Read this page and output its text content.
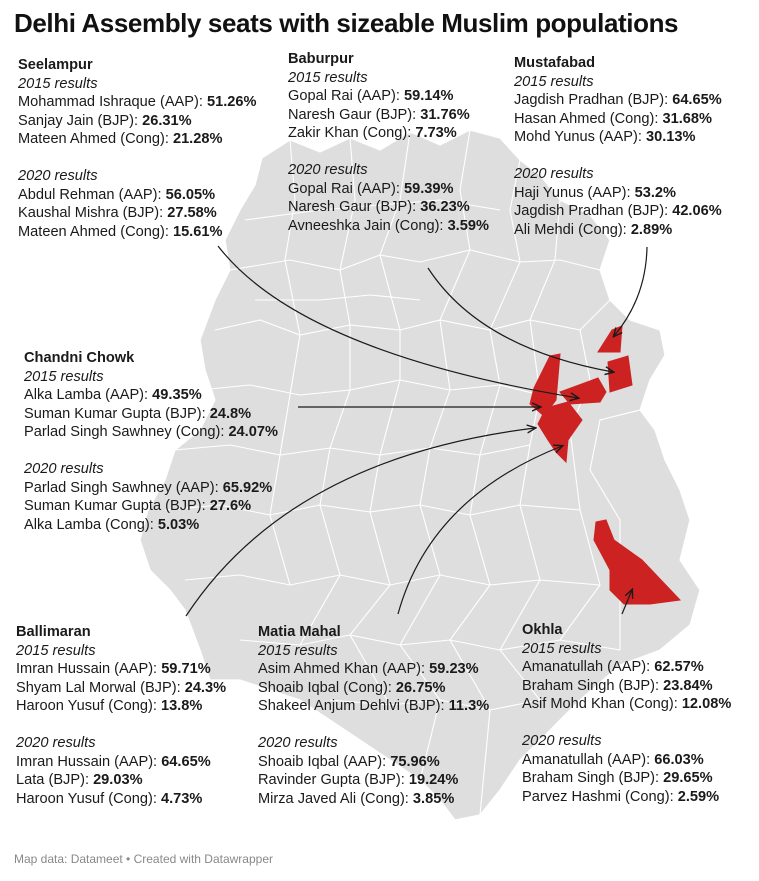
Delhi Assembly seats with sizeable Muslim populations
Seelampur
2015 results
Mohammad Ishraque (AAP): 51.26%
Sanjay Jain (BJP): 26.31%
Mateen Ahmed (Cong): 21.28%
2020 results
Abdul Rehman (AAP): 56.05%
Kaushal Mishra (BJP): 27.58%
Mateen Ahmed (Cong): 15.61%
Baburpur
2015 results
Gopal Rai (AAP): 59.14%
Naresh Gaur (BJP): 31.76%
Zakir Khan (Cong): 7.73%
2020 results
Gopal Rai (AAP): 59.39%
Naresh Gaur (BJP): 36.23%
Avneeshka Jain (Cong): 3.59%
Mustafabad
2015 results
Jagdish Pradhan (BJP): 64.65%
Hasan Ahmed (Cong): 31.68%
Mohd Yunus (AAP): 30.13%
2020 results
Haji Yunus (AAP): 53.2%
Jagdish Pradhan (BJP): 42.06%
Ali Mehdi (Cong): 2.89%
Chandni Chowk
2015 results
Alka Lamba (AAP): 49.35%
Suman Kumar Gupta (BJP): 24.8%
Parlad Singh Sawhney (Cong): 24.07%
2020 results
Parlad Singh Sawhney (AAP): 65.92%
Suman Kumar Gupta (BJP): 27.6%
Alka Lamba (Cong): 5.03%
Ballimaran
2015 results
Imran Hussain (AAP): 59.71%
Shyam Lal Morwal (BJP): 24.3%
Haroon Yusuf (Cong): 13.8%
2020 results
Imran Hussain (AAP): 64.65%
Lata (BJP): 29.03%
Haroon Yusuf (Cong): 4.73%
Matia Mahal
2015 results
Asim Ahmed Khan (AAP): 59.23%
Shoaib Iqbal (Cong): 26.75%
Shakeel Anjum Dehlvi (BJP): 11.3%
2020 results
Shoaib Iqbal (AAP): 75.96%
Ravinder Gupta (BJP): 19.24%
Mirza Javed Ali (Cong): 3.85%
Okhla
2015 results
Amanatullah (AAP): 62.57%
Braham Singh (BJP): 23.84%
Asif Mohd Khan (Cong): 12.08%
2020 results
Amanatullah (AAP): 66.03%
Braham Singh (BJP): 29.65%
Parvez Hashmi (Cong): 2.59%
Map data: Datameet • Created with Datawrapper
